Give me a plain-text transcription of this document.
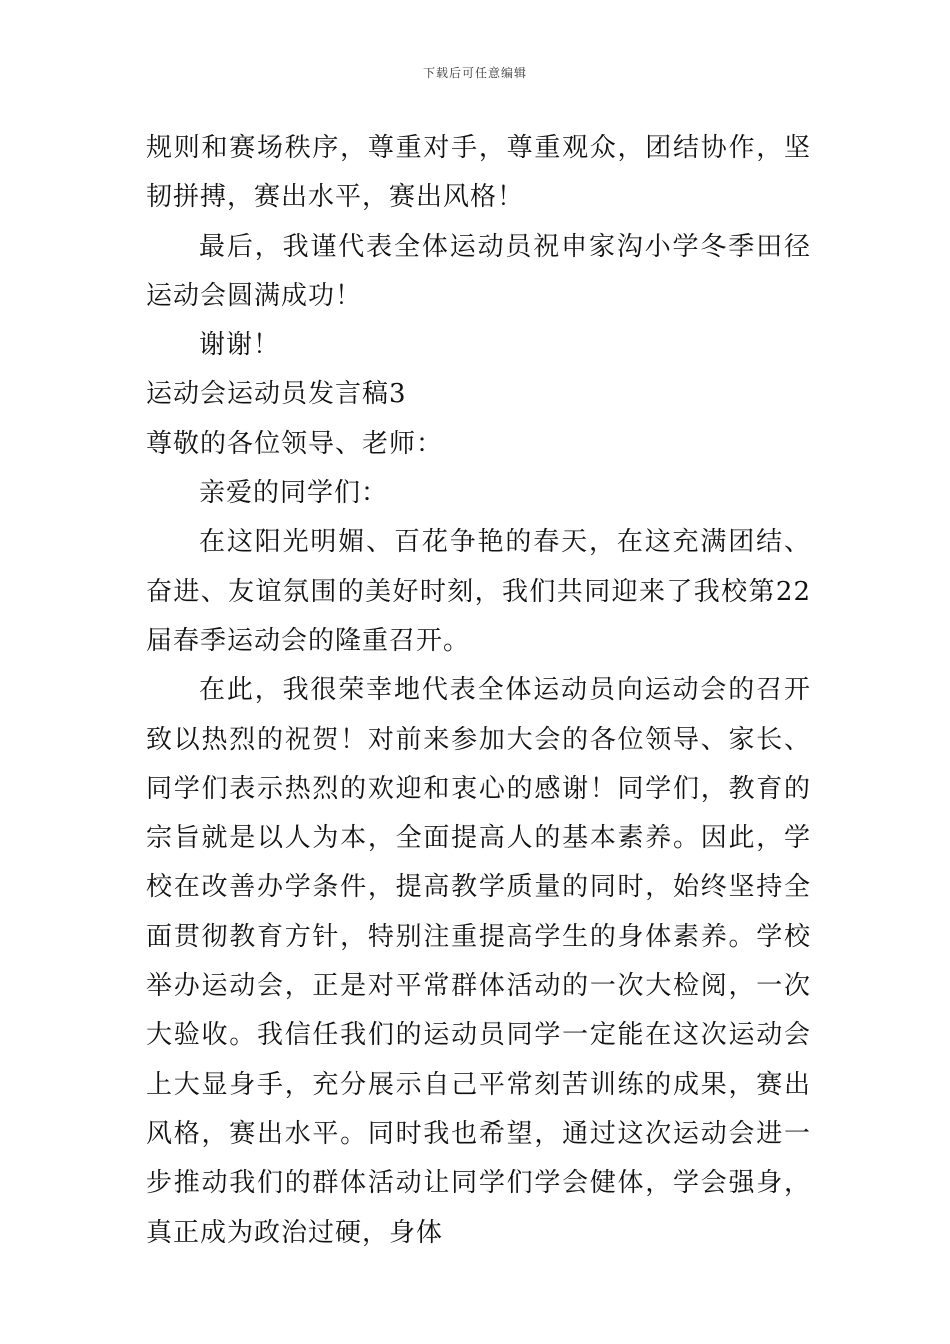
下载后可任意编辑

规则和赛场秩序，尊重对手，尊重观众，团结协作，坚韧拼搏，赛出水平，赛出风格！

最后，我谨代表全体运动员祝申家沟小学冬季田径运动会圆满成功！

谢谢！

运动会运动员发言稿3

尊敬的各位领导、老师：

亲爱的同学们：

在这阳光明媚、百花争艳的春天，在这充满团结、奋进、友谊氛围的美好时刻，我们共同迎来了我校第22届春季运动会的隆重召开。

在此，我很荣幸地代表全体运动员向运动会的召开致以热烈的祝贺！对前来参加大会的各位领导、家长、同学们表示热烈的欢迎和衷心的感谢！同学们，教育的宗旨就是以人为本，全面提高人的基本素养。因此，学校在改善办学条件，提高教学质量的同时，始终坚持全面贯彻教育方针，特别注重提高学生的身体素养。学校举办运动会，正是对平常群体活动的一次大检阅，一次大验收。我信任我们的运动员同学一定能在这次运动会上大显身手，充分展示自己平常刻苦训练的成果，赛出风格，赛出水平。同时我也希望，通过这次运动会进一步推动我们的群体活动让同学们学会健体，学会强身，真正成为政治过硬，身体
